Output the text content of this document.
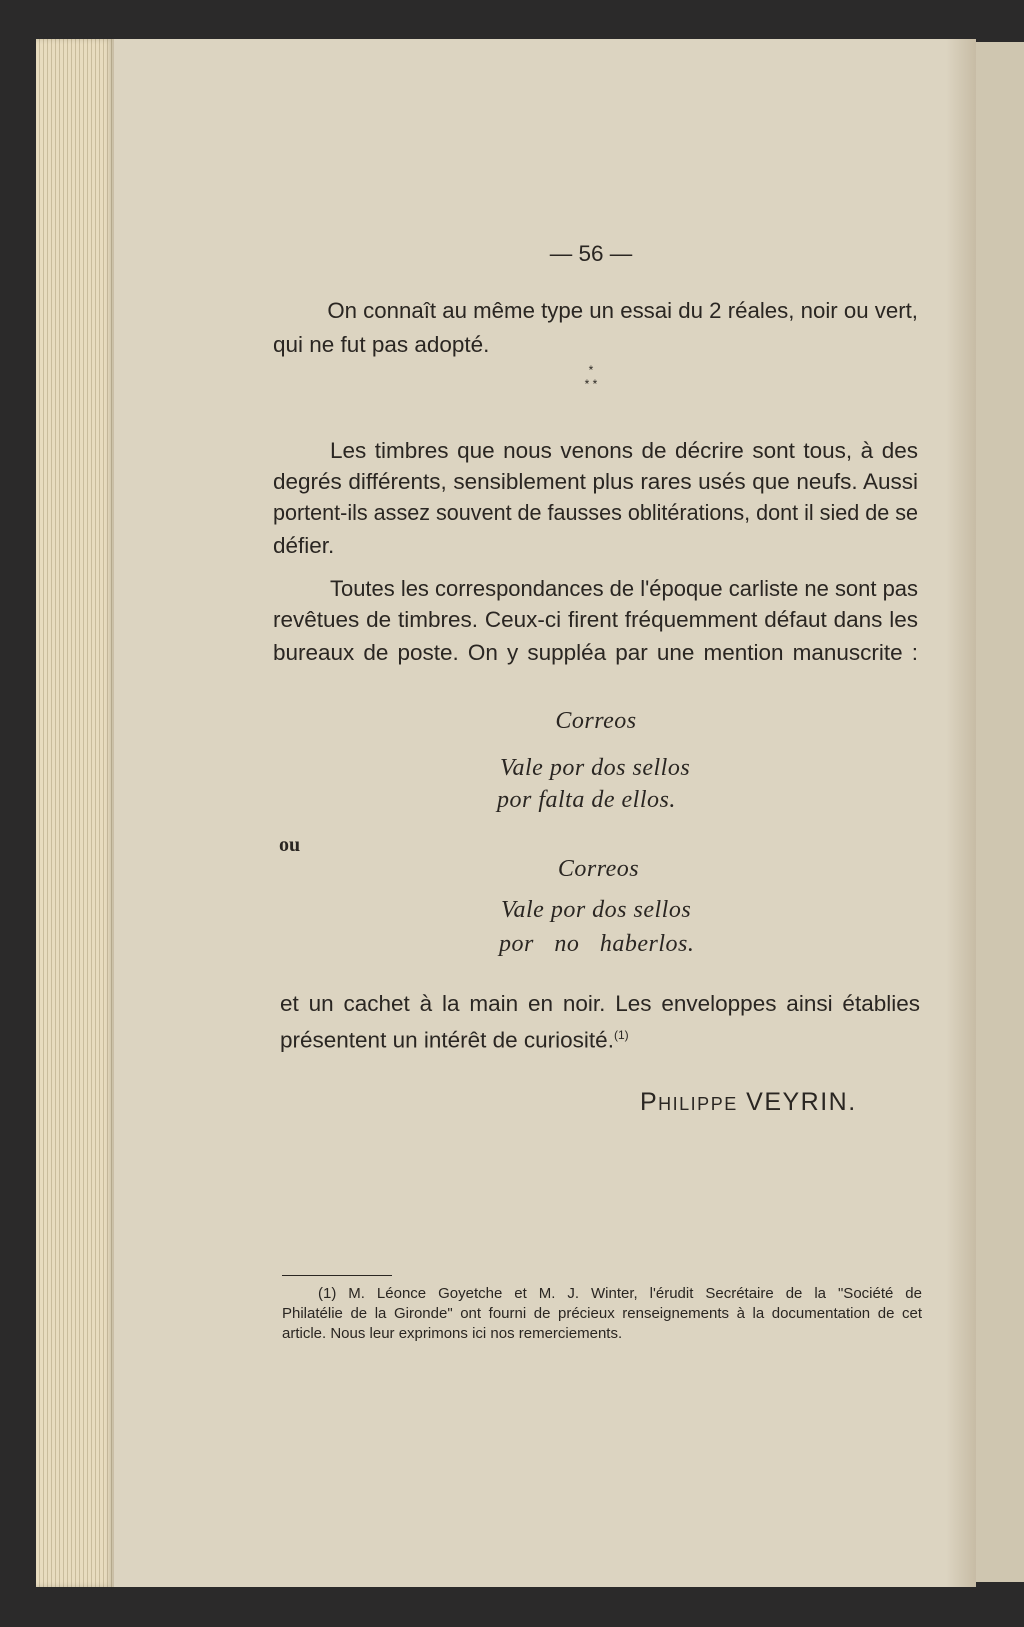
— 56 —
On connaît au même type un essai du 2 réales, noir ou vert,
qui ne fut pas adopté.
*
* *
Les timbres que nous venons de décrire sont tous, à des
degrés différents, sensiblement plus rares usés que neufs. Aussi
portent-ils assez souvent de fausses oblitérations, dont il sied de se
défier.
Toutes les correspondances de l'époque carliste ne sont pas
revêtues de timbres. Ceux-ci firent fréquemment défaut dans les
bureaux de poste. On y suppléa par une mention manuscrite :
Correos
Vale por dos sellos
por falta de ellos.
ou
Correos
Vale por dos sellos
por no haberlos.
et un cachet à la main en noir. Les enveloppes ainsi établies
présentent un intérêt de curiosité.$^{(1)}$
Philippe VEYRIN.
(1) M. Léonce Goyetche et M. J. Winter, l'érudit Secrétaire de la "Société de
Philatélie de la Gironde" ont fourni de précieux renseignements à la documentation de cet
article. Nous leur exprimons ici nos remerciements.
